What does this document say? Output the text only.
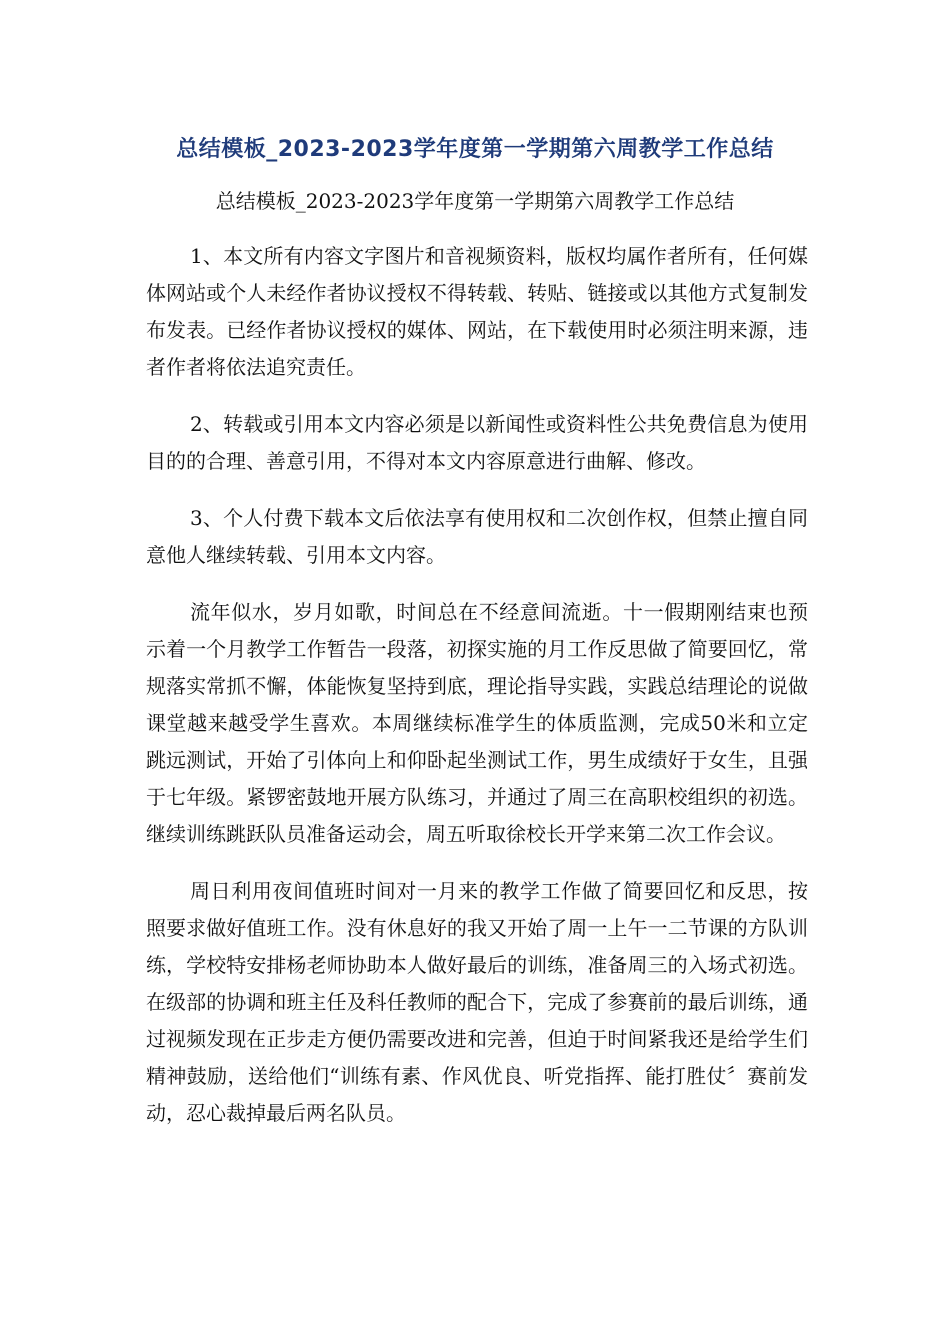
总结模板_2023-2023学年度第一学期第六周教学工作总结
总结模板_2023-2023学年度第一学期第六周教学工作总结

1、本文所有内容文字图片和音视频资料，版权均属作者所有，任何媒体网站或个人未经作者协议授权不得转载、转贴、链接或以其他方式复制发布发表。已经作者协议授权的媒体、网站，在下载使用时必须注明来源，违者作者将依法追究责任。

2、转载或引用本文内容必须是以新闻性或资料性公共免费信息为使用目的的合理、善意引用，不得对本文内容原意进行曲解、修改。

3、个人付费下载本文后依法享有使用权和二次创作权，但禁止擅自同意他人继续转载、引用本文内容。

流年似水，岁月如歌，时间总在不经意间流逝。十一假期刚结束也预示着一个月教学工作暂告一段落，初探实施的月工作反思做了简要回忆，常规落实常抓不懈，体能恢复坚持到底，理论指导实践，实践总结理论的说做课堂越来越受学生喜欢。本周继续标准学生的体质监测，完成50米和立定跳远测试，开始了引体向上和仰卧起坐测试工作，男生成绩好于女生，且强于七年级。紧锣密鼓地开展方队练习，并通过了周三在高职校组织的初选。继续训练跳跃队员准备运动会，周五听取徐校长开学来第二次工作会议。

周日利用夜间值班时间对一月来的教学工作做了简要回忆和反思，按照要求做好值班工作。没有休息好的我又开始了周一上午一二节课的方队训练，学校特安排杨老师协助本人做好最后的训练，准备周三的入场式初选。在级部的协调和班主任及科任教师的配合下，完成了参赛前的最后训练，通过视频发现在正步走方便仍需要改进和完善，但迫于时间紧我还是给学生们精神鼓励，送给他们“训练有素、作风优良、听党指挥、能打胜仗〞赛前发动，忍心裁掉最后两名队员。
